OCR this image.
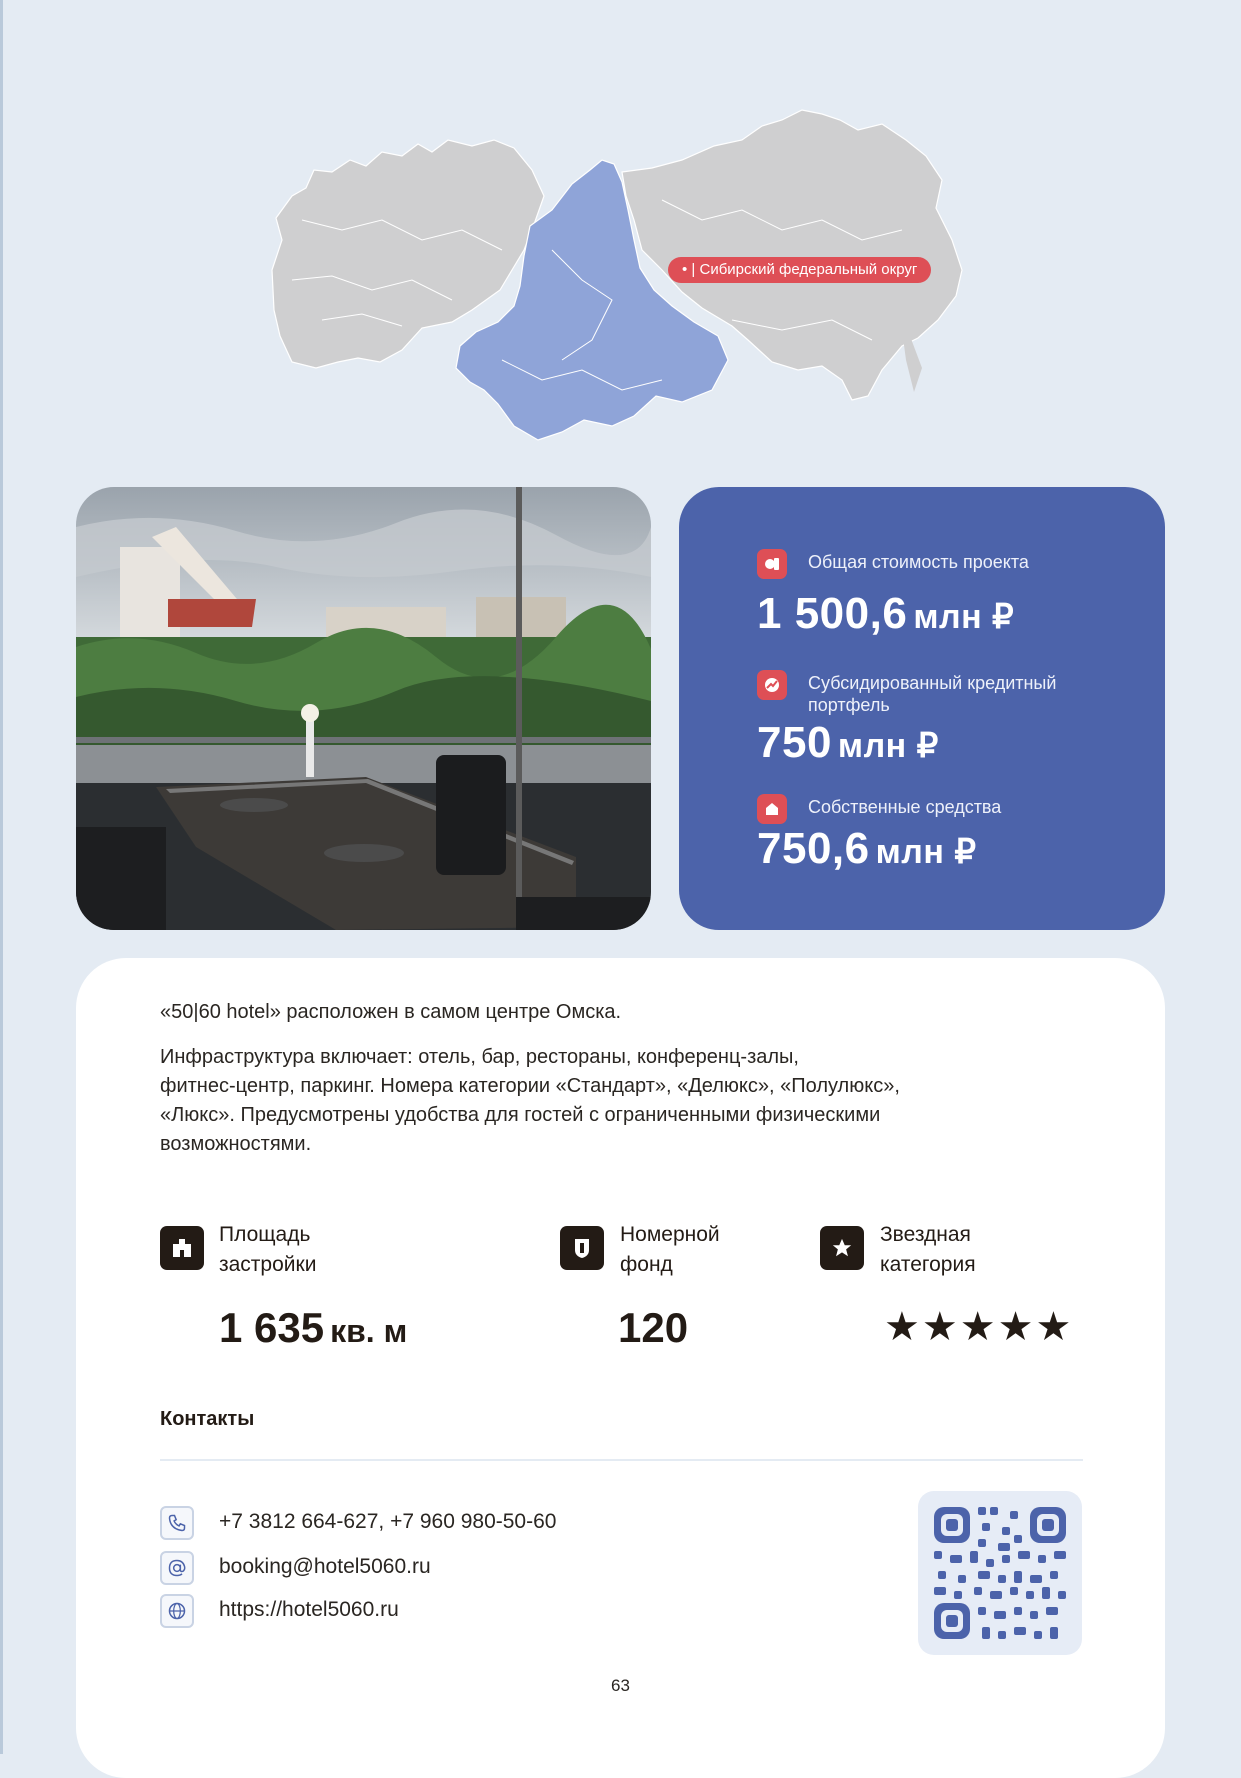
• | Сибирский федеральный округ
Общая стоимость проекта
1 500,6 млн ₽
Субсидированный кредитный портфель
750 млн ₽
Собственные средства
750,6 млн ₽
«50|60 hotel» расположен в самом центре Омска.
Инфраструктура включает: отель, бар, рестораны, конференц-залы,
фитнес-центр, паркинг. Номера категории «Стандарт», «Делюкс», «Полулюкс»,
«Люкс». Предусмотрены удобства для гостей с ограниченными физическими
возможностями.
Площадь
застройки
1 635 кв. м
Номерной
фонд
120
Звездная
категория
★★★★★
Контакты
+7 3812 664-627, +7 960 980-50-60
booking@hotel5060.ru
https://hotel5060.ru
63
